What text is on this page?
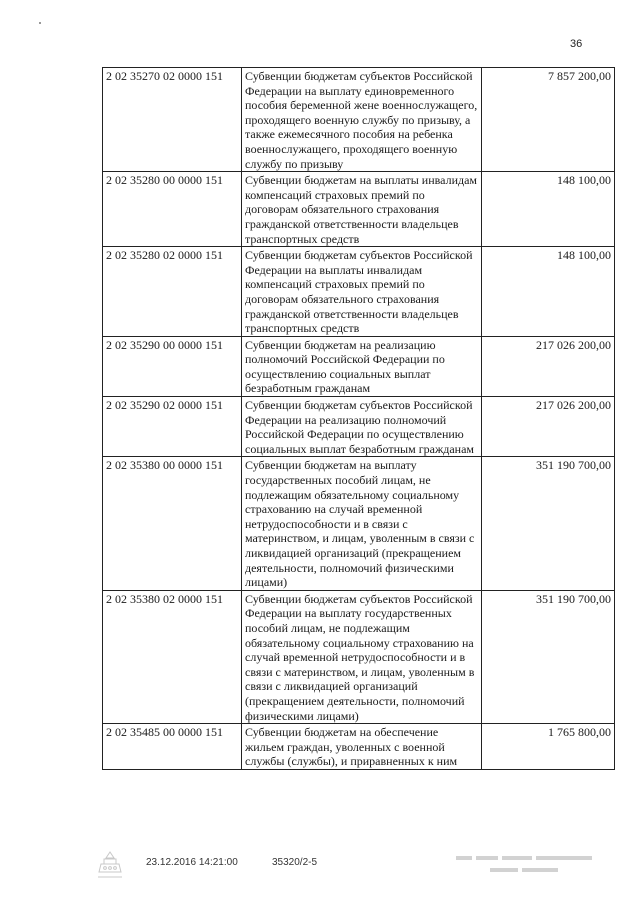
36
2 02 35270 02 0000 151	Субвенции бюджетам субъектов Российской Федерации на выплату единовременного пособия беременной жене военнослужащего, проходящего военную службу по призыву, а также ежемесячного пособия на ребенка военнослужащего, проходящего военную службу по призыву	7 857 200,00
2 02 35280 00 0000 151	Субвенции бюджетам на выплаты инвалидам компенсаций страховых премий по договорам обязательного страхования гражданской ответственности владельцев транспортных средств	148 100,00
2 02 35280 02 0000 151	Субвенции бюджетам субъектов Российской Федерации на выплаты инвалидам компенсаций страховых премий по договорам обязательного страхования гражданской ответственности владельцев транспортных средств	148 100,00
2 02 35290 00 0000 151	Субвенции бюджетам на реализацию полномочий Российской Федерации по осуществлению социальных выплат безработным гражданам	217 026 200,00
2 02 35290 02 0000 151	Субвенции бюджетам субъектов Российской Федерации на реализацию полномочий Российской Федерации по осуществлению социальных выплат безработным гражданам	217 026 200,00
2 02 35380 00 0000 151	Субвенции бюджетам на выплату государственных пособий лицам, не подлежащим обязательному социальному страхованию на случай временной нетрудоспособности и в связи с материнством, и лицам, уволенным в связи с ликвидацией организаций (прекращением деятельности, полномочий физическими лицами)	351 190 700,00
2 02 35380 02 0000 151	Субвенции бюджетам субъектов Российской Федерации на выплату государственных пособий лицам, не подлежащим обязательному социальному страхованию на случай временной нетрудоспособности и в связи с материнством, и лицам, уволенным в связи с ликвидацией организаций (прекращением деятельности, полномочий физическими лицами)	351 190 700,00
2 02 35485 00 0000 151	Субвенции бюджетам на обеспечение жильем граждан, уволенных с военной службы (службы), и приравненных к ним	1 765 800,00
23.12.2016 14:21:00	35320/2-5
